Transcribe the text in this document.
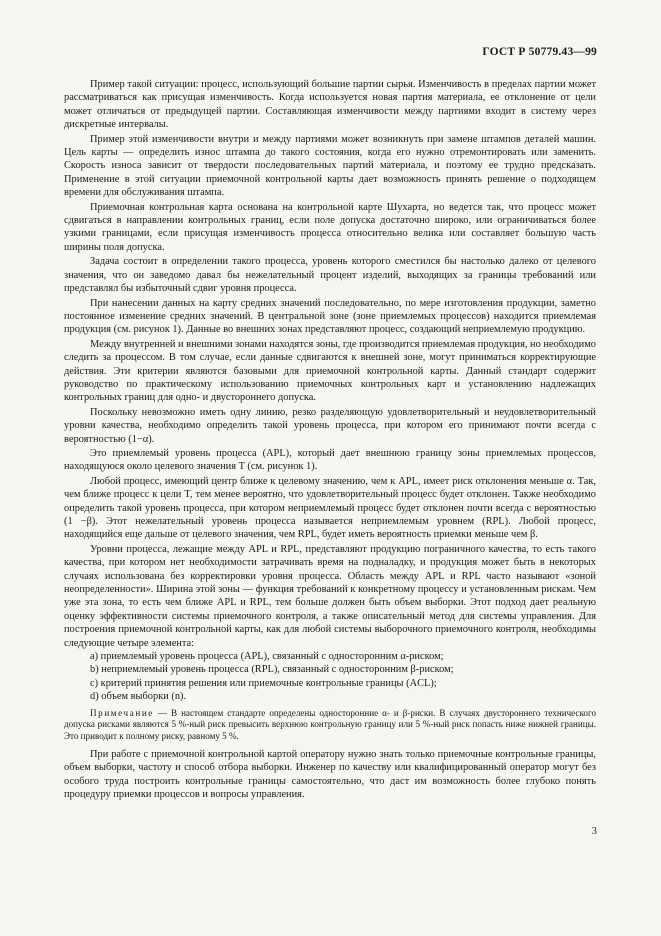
ГОСТ Р 50779.43—99

Пример такой ситуации: процесс, использующий большие партии сырья. Изменчивость в пределах партии может рассматриваться как присущая изменчивость. Когда используется новая партия материала, ее отклонение от цели может отличаться от предыдущей партии. Составляющая изменчивости между партиями входит в систему через дискретные интервалы.

Пример этой изменчивости внутри и между партиями может возникнуть при замене штампов деталей машин. Цель карты — определить износ штампа до такого состояния, когда его нужно отремонтировать или заменить. Скорость износа зависит от твердости последовательных партий материала, и поэтому ее трудно предсказать. Применение в этой ситуации приемочной контрольной карты дает возможность принять решение о подходящем времени для обслуживания штампа.

Приемочная контрольная карта основана на контрольной карте Шухарта, но ведется так, что процесс может сдвигаться в направлении контрольных границ, если поле допуска достаточно широко, или ограничиваться более узкими границами, если присущая изменчивость процесса относительно велика или составляет большую часть ширины поля допуска.

Задача состоит в определении такого процесса, уровень которого сместился бы настолько далеко от целевого значения, что он заведомо давал бы нежелательный процент изделий, выходящих за границы требований или представлял бы избыточный сдвиг уровня процесса.

При нанесении данных на карту средних значений последовательно, по мере изготовления продукции, заметно постоянное изменение средних значений. В центральной зоне (зоне приемлемых процессов) находится приемлемая продукция (см. рисунок 1). Данные во внешних зонах представляют процесс, создающий неприемлемую продукцию.

Между внутренней и внешними зонами находятся зоны, где производится приемлемая продукция, но необходимо следить за процессом. В том случае, если данные сдвигаются к внешней зоне, могут приниматься корректирующие действия. Эти критерии являются базовыми для приемочной контрольной карты. Данный стандарт содержит руководство по практическому использованию приемочных контрольных карт и установлению надлежащих контрольных границ для одно- и двустороннего допуска.

Поскольку невозможно иметь одну линию, резко разделяющую удовлетворительный и неудовлетворительный уровни качества, необходимо определить такой уровень процесса, при котором его принимают почти всегда с вероятностью (1−α).

Это приемлемый уровень процесса (APL), который дает внешнюю границу зоны приемлемых процессов, находящуюся около целевого значения T (см. рисунок 1).

Любой процесс, имеющий центр ближе к целевому значению, чем к APL, имеет риск отклонения меньше α. Так, чем ближе процесс к цели T, тем менее вероятно, что удовлетворительный процесс будет отклонен. Также необходимо определить такой уровень процесса, при котором неприемлемый процесс будет отклонен почти всегда с вероятностью (1 −β). Этот нежелательный уровень процесса называется неприемлемым уровнем (RPL). Любой процесс, находящийся еще дальше от целевого значения, чем RPL, будет иметь вероятность приемки меньше чем β.

Уровни процесса, лежащие между APL и RPL, представляют продукцию пограничного качества, то есть такого качества, при котором нет необходимости затрачивать время на подналадку, и продукция может быть в некоторых случаях использована без корректировки уровня процесса. Область между APL и RPL часто называют «зоной неопределенности». Ширина этой зоны — функция требований к конкретному процессу и установленным рискам. Чем уже эта зона, то есть чем ближе APL и RPL, тем больше должен быть объем выборки. Этот подход дает реальную оценку эффективности системы приемочного контроля, а также описательный метод для системы управления. Для построения приемочной контрольной карты, как для любой системы выборочного приемочного контроля, необходимы следующие четыре элемента:

a) приемлемый уровень процесса (APL), связанный с односторонним α-риском;
b) неприемлемый уровень процесса (RPL), связанный с односторонним β-риском;
c) критерий принятия решения или приемочные контрольные границы (ACL);
d) объем выборки (n).
Примечание — В настоящем стандарте определены односторонние α- и β-риски. В случаях двустороннего технического допуска рисками являются 5 %-ный риск превысить верхнюю контрольную границу или 5 %-ный риск попасть ниже нижней границы. Это приводит к полному риску, равному 5 %.

При работе с приемочной контрольной картой оператору нужно знать только приемочные контрольные границы, объем выборки, частоту и способ отбора выборки. Инженер по качеству или квалифицированный оператор могут без особого труда построить контрольные границы самостоятельно, что даст им возможность более глубоко понять процедуру приемки процессов и вопросы управления.

3
